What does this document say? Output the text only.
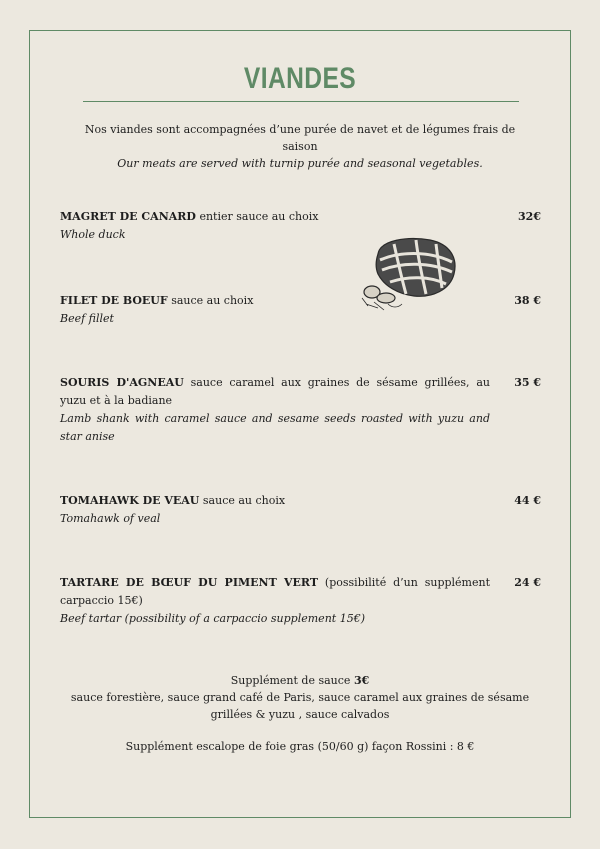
VIANDES
Nos viandes sont accompagnées d’une purée de navet et de légumes frais de saison
Our meats are served with turnip purée and seasonal vegetables.
MAGRET DE CANARD entier sauce au choix
Whole duck
32€
FILET DE BOEUF sauce au choix
Beef fillet
38 €
SOURIS D'AGNEAU sauce caramel aux graines de sésame grillées, au yuzu et à la badiane
Lamb shank with caramel sauce and sesame seeds roasted with yuzu and star anise
35 €
TOMAHAWK DE VEAU sauce au choix
Tomahawk of veal
44 €
TARTARE DE BŒUF DU PIMENT VERT (possibilité d’un supplément carpaccio 15€)
Beef tartar (possibility of a carpaccio supplement 15€)
24 €
Supplément de sauce 3€
sauce forestière, sauce grand café de Paris, sauce caramel aux graines de sésame grillées & yuzu , sauce calvados
Supplément escalope de foie gras (50/60 g) façon Rossini : 8 €
